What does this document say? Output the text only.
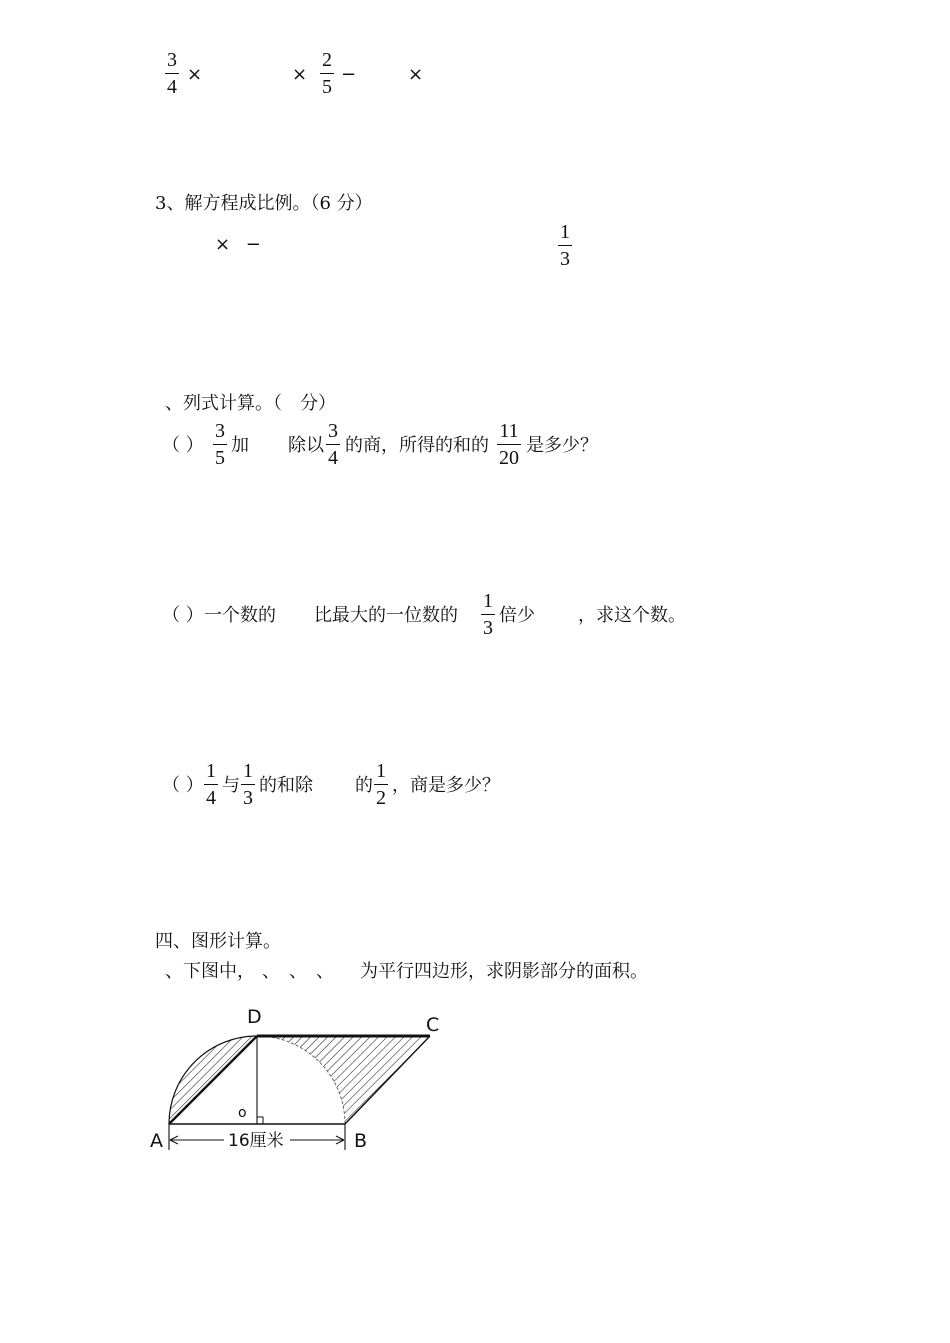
3
4
×	×
2
5
−	×
3、解方程成比例。（6 分）
× −
1
3
、列式计算。（　分）
（ ）
3
5
加 除以
3
4
的商，所得的和的
11
20
是多少？
（ ） 一个数的 比最大的一位数的
1
3
倍少 ，求这个数。
（ ）
1
4
与
1
3
的和除 的
1
2
，商是多少？
四、图形计算。
、下图中， 、　、　、 为平行四边形，求阴影部分的面积。
A	B
C
D
o
16厘米
